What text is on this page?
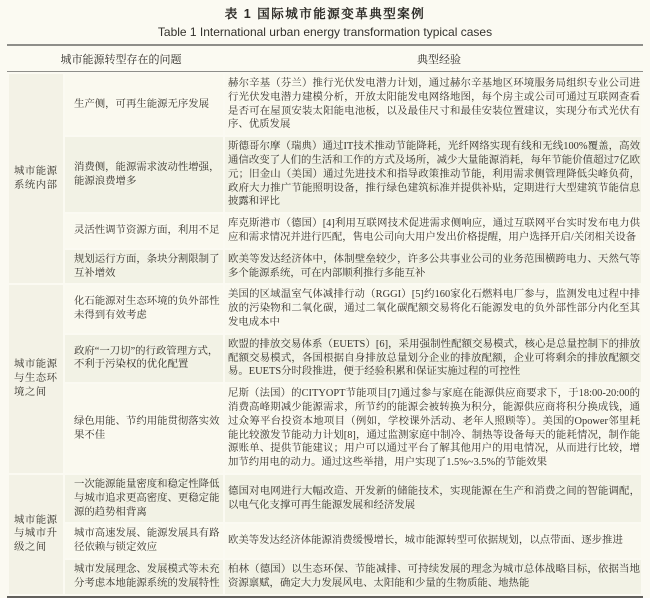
表 1 国际城市能源变革典型案例
Table 1 International urban energy transformation typical cases
城市能源转型存在的问题	典型经验
城市能源系统内部	生产侧，可再生能源无序发展	赫尔辛基（芬兰）推行光伏发电潜力计划，通过赫尔辛基地区环境服务局组织专业公司进行光伏发电潜力建模分析，开放太阳能发电网络地图，每个房主或公司可通过互联网查看是否可在屋顶安装太阳能电池板，以及最佳尺寸和最佳安装位置建议，实现分布式光伏有序、优质发展
	消费侧，能源需求波动性增强，能源浪费增多	斯德哥尔摩（瑞典）通过IT技术推动节能降耗，光纤网络实现有线和无线100%覆盖，高效通信改变了人们的生活和工作的方式及场所，减少大量能源消耗，每年节能价值超过7亿欧元；旧金山（美国）通过先进技术和指导政策推动节能，利用需求侧管理降低尖峰负荷，政府大力推广节能照明设备，推行绿色建筑标准并提供补贴，定期进行大型建筑节能信息披露和评比
	灵活性调节资源方面，利用不足	库克斯港市（德国）[4]利用互联网技术促进需求侧响应，通过互联网平台实时发布电力供应和需求情况并进行匹配，售电公司向大用户发出价格提醒，用户选择开启/关闭相关设备
	规划运行方面，条块分割限制了互补增效	欧美等发达经济体中，体制壁垒较少，许多公共事业公司的业务范围横跨电力、天然气等多个能源系统，可在内部顺利推行多能互补
城市能源与生态环境之间	化石能源对生态环境的负外部性未得到有效考虑	美国的区域温室气体减排行动（RGGI）[5]约160家化石燃料电厂参与，监测发电过程中排放的污染物和二氧化碳，通过二氧化碳配额交易将化石能源发电的负外部性部分内化至其发电成本中
	政府“一刀切”的行政管理方式，不利于污染权的优化配置	欧盟的排放交易体系（EUETS）[6]，采用强制性配额交易模式，核心是总量控制下的排放配额交易模式，各国根据自身排放总量划分企业的排放配额，企业可将剩余的排放配额交易。EUETS分时段推进，便于经验积累和保证实施过程的可控性
	绿色用能、节约用能贯彻落实效果不佳	尼斯（法国）的CITYOPT节能项目[7]通过参与家庭在能源供应商要求下，于18:00-20:00的消费高峰期减少能源需求，所节约的能源会被转换为积分，能源供应商将积分换成钱，通过众筹平台投资本地项目（例如，学校课外活动、老年人照顾等）。美国的Opower邻里耗能比较激发节能动力计划[8]，通过监测家庭中制冷、制热等设备每天的能耗情况，制作能源账单、提供节能建议；用户可以通过平台了解其他用户的用电情况，从而进行比较，增加节约用电的动力。通过这些举措，用户实现了1.5%~3.5%的节能效果
城市能源与城市升级之间	一次能源能量密度和稳定性降低与城市追求更高密度、更稳定能源的趋势相背离	德国对电网进行大幅改造、开发新的储能技术，实现能源在生产和消费之间的智能调配，以电气化支撑可再生能源发展和经济发展
	城市高速发展、能源发展具有路径依赖与锁定效应	欧美等发达经济体能源消费缓慢增长，城市能源转型可依据规划，以点带面、逐步推进
	城市发展理念、发展模式等未充分考虑本地能源系统的发展特性	柏林（德国）以生态环保、节能减排、可持续发展的理念为城市总体战略目标，依据当地资源禀赋，确定大力发展风电、太阳能和少量的生物质能、地热能
